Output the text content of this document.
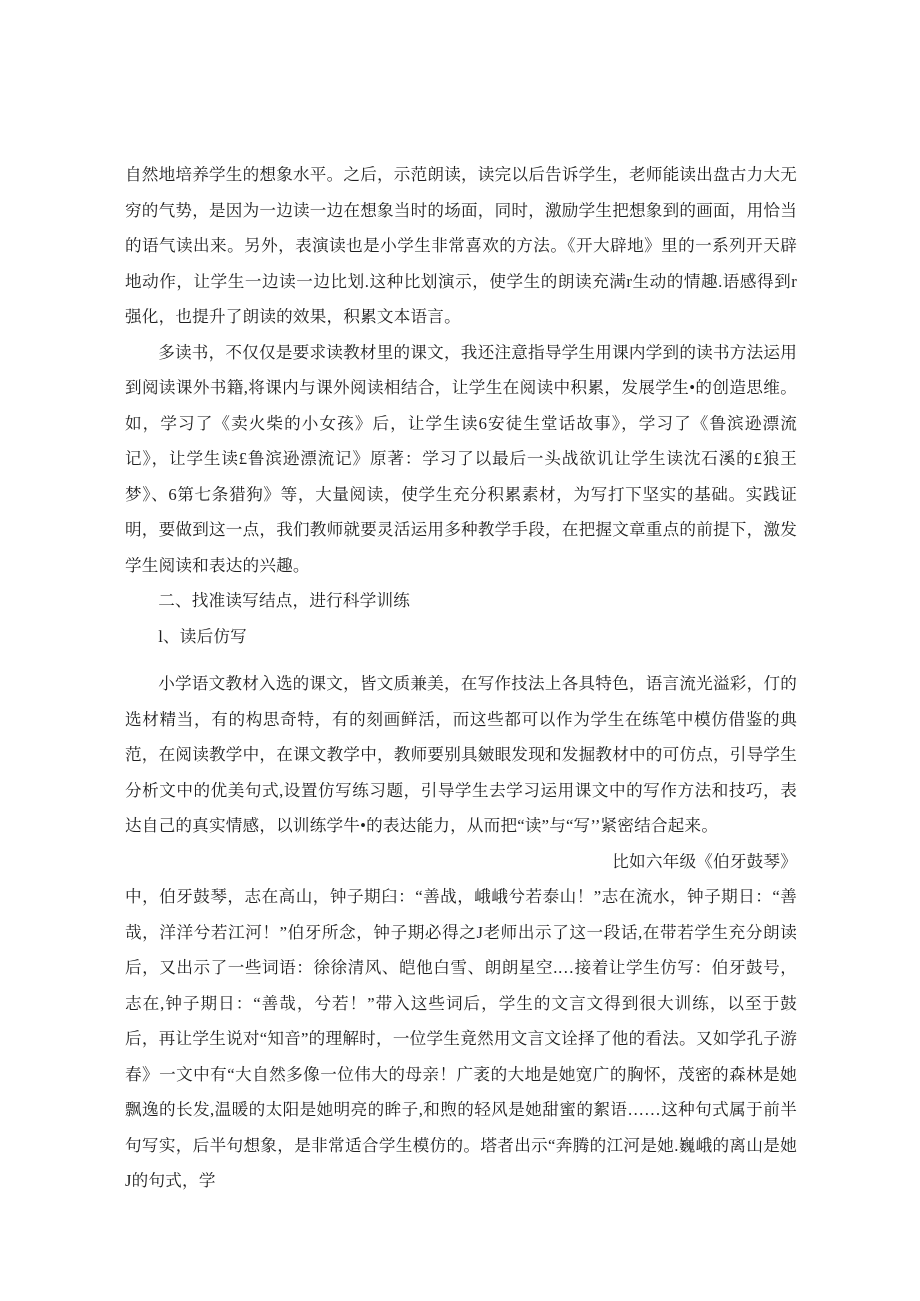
自然地培养学生的想象水平。之后，示范朗读，读完以后告诉学生，老师能读出盘古力大无穷的气势，是因为一边读一边在想象当时的场面，同时，激励学生把想象到的画面，用恰当的语气读出来。另外，表演读也是小学生非常喜欢的方法。《开大辟地》里的一系列开天辟地动作，让学生一边读一边比划.这种比划演示，使学生的朗读充满r生动的情趣.语感得到r强化，也提升了朗读的效果，积累文本语言。

多读书，不仅仅是要求读教材里的课文，我还注意指导学生用课内学到的读书方法运用到阅读课外书籍,将课内与课外阅读相结合，让学生在阅读中积累，发展学生•的创造思维。如，学习了《卖火柴的小女孩》后，让学生读6安徒生堂话故事》，学习了《鲁滨逊漂流记》，让学生读£鲁滨逊漂流记》原著：学习了以最后一头战欲讥让学生读沈石溪的£狼王梦》、6第七条猎狗》等，大量阅读，使学生充分积累素材，为写打下坚实的基础。实践证明，要做到这一点，我们教师就要灵活运用多种教学手段，在把握文章重点的前提下，激发学生阅读和表达的兴趣。

二、找准读写结点，进行科学训练

l、读后仿写

小学语文教材入选的课文，皆文质兼美，在写作技法上各具特色，语言流光溢彩，仃的选材精当，有的构思奇特，有的刻画鲜活，而这些都可以作为学生在练笔中模仿借鉴的典范，在阅读教学中，在课文教学中，教师要别具皴眼发现和发掘教材中的可仿点，引导学生分析文中的优美句式,设置仿写练习题，引导学生去学习运用课文中的写作方法和技巧，表达自己的真实情感，以训练学牛•的表达能力，从而把“读”与“写’’紧密结合起来。

比如六年级《伯牙鼓琴》

中，伯牙鼓琴，志在高山，钟子期臼：“善战，峨峨兮若泰山！”志在流水，钟子期日：“善哉，洋洋兮若江河！”伯牙所念，钟子期必得之J老师出示了这一段话,在带若学生充分朗读后，又出示了一些词语：徐徐清风、皑他白雪、朗朗星空.…接着让学生仿写：伯牙鼓号，志在,钟子期日：“善哉，兮若！”带入这些词后，学生的文言文得到很大训练，以至于鼓后，再让学生说对“知音”的理解时，一位学生竟然用文言文诠择了他的看法。又如学孔子游春》一文中有“大自然多像一位伟大的母亲！广袤的大地是她宽广的胸怀，茂密的森林是她飘逸的长发,温暖的太阳是她明亮的眸子,和煦的轻风是她甜蜜的絮语……这种句式属于前半句写实，后半句想象，是非常适合学生模仿的。塔者出示“奔腾的江河是她.巍峨的离山是她J的句式，学
